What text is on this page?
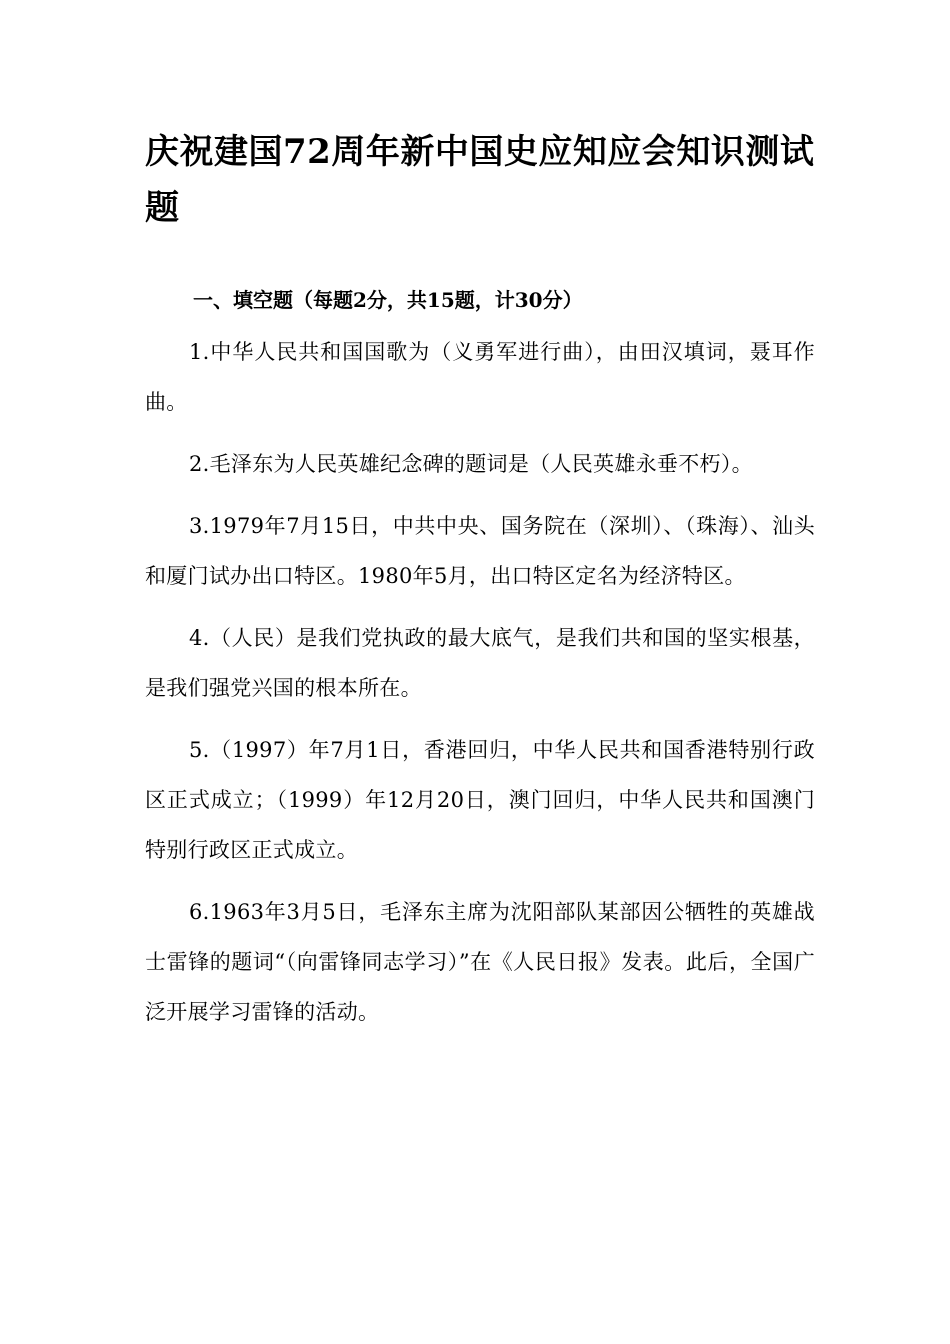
庆祝建国72周年新中国史应知应会知识测试题
一、填空题（每题2分，共15题，计30分）

1.中华人民共和国国歌为（义勇军进行曲），由田汉填词，聂耳作曲。

2.毛泽东为人民英雄纪念碑的题词是（人民英雄永垂不朽）。

3.1979年7月15日，中共中央、国务院在（深圳）、（珠海）、汕头和厦门试办出口特区。1980年5月，出口特区定名为经济特区。

4.（人民）是我们党执政的最大底气，是我们共和国的坚实根基，是我们强党兴国的根本所在。

5.（1997）年7月1日，香港回归，中华人民共和国香港特别行政区正式成立；（1999）年12月20日，澳门回归，中华人民共和国澳门特别行政区正式成立。

6.1963年3月5日，毛泽东主席为沈阳部队某部因公牺牲的英雄战士雷锋的题词“（向雷锋同志学习）”在《人民日报》发表。此后，全国广泛开展学习雷锋的活动。
